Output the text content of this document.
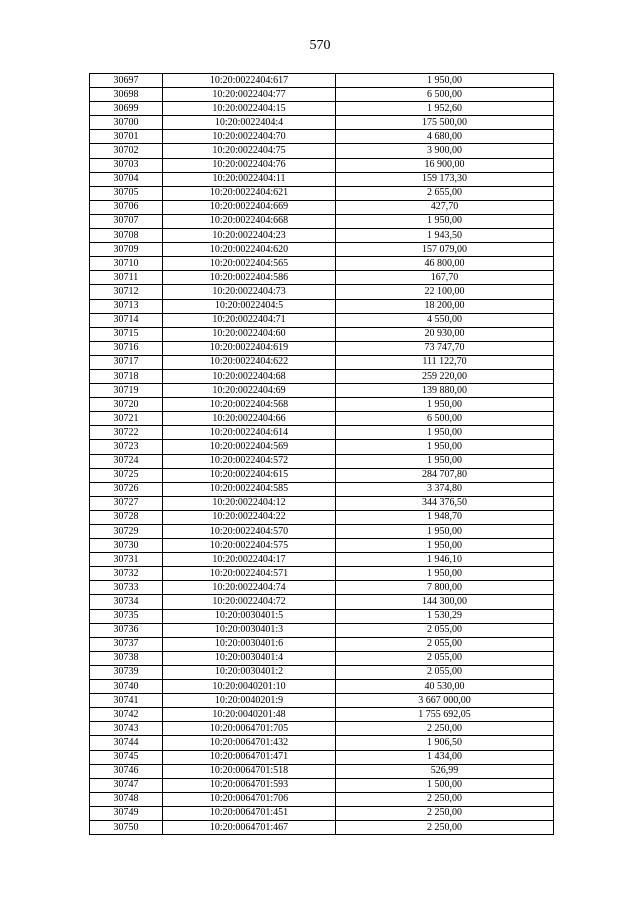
570
30697	10:20:0022404:617	1 950,00
30698	10:20:0022404:77	6 500,00
30699	10:20:0022404:15	1 952,60
30700	10:20:0022404:4	175 500,00
30701	10:20:0022404:70	4 680,00
30702	10:20:0022404:75	3 900,00
30703	10:20:0022404:76	16 900,00
30704	10:20:0022404:11	159 173,30
30705	10:20:0022404:621	2 655,00
30706	10:20:0022404:669	427,70
30707	10:20:0022404:668	1 950,00
30708	10:20:0022404:23	1 943,50
30709	10:20:0022404:620	157 079,00
30710	10:20:0022404:565	46 800,00
30711	10:20:0022404:586	167,70
30712	10:20:0022404:73	22 100,00
30713	10:20:0022404:5	18 200,00
30714	10:20:0022404:71	4 550,00
30715	10:20:0022404:60	20 930,00
30716	10:20:0022404:619	73 747,70
30717	10:20:0022404:622	111 122,70
30718	10:20:0022404:68	259 220,00
30719	10:20:0022404:69	139 880,00
30720	10:20:0022404:568	1 950,00
30721	10:20:0022404:66	6 500,00
30722	10:20:0022404:614	1 950,00
30723	10:20:0022404:569	1 950,00
30724	10:20:0022404:572	1 950,00
30725	10:20:0022404:615	284 707,80
30726	10:20:0022404:585	3 374,80
30727	10:20:0022404:12	344 376,50
30728	10:20:0022404:22	1 948,70
30729	10:20:0022404:570	1 950,00
30730	10:20:0022404:575	1 950,00
30731	10:20:0022404:17	1 946,10
30732	10:20:0022404:571	1 950,00
30733	10:20:0022404:74	7 800,00
30734	10:20:0022404:72	144 300,00
30735	10:20:0030401:5	1 530,29
30736	10:20:0030401:3	2 055,00
30737	10:20:0030401:6	2 055,00
30738	10:20:0030401:4	2 055,00
30739	10:20:0030401:2	2 055,00
30740	10:20:0040201:10	40 530,00
30741	10:20:0040201:9	3 667 000,00
30742	10:20:0040201:48	1 755 692,05
30743	10:20:0064701:705	2 250,00
30744	10:20:0064701:432	1 906,50
30745	10:20:0064701:471	1 434,00
30746	10:20:0064701:518	526,99
30747	10:20:0064701:593	1 500,00
30748	10:20:0064701:706	2 250,00
30749	10:20:0064701:451	2 250,00
30750	10:20:0064701:467	2 250,00
